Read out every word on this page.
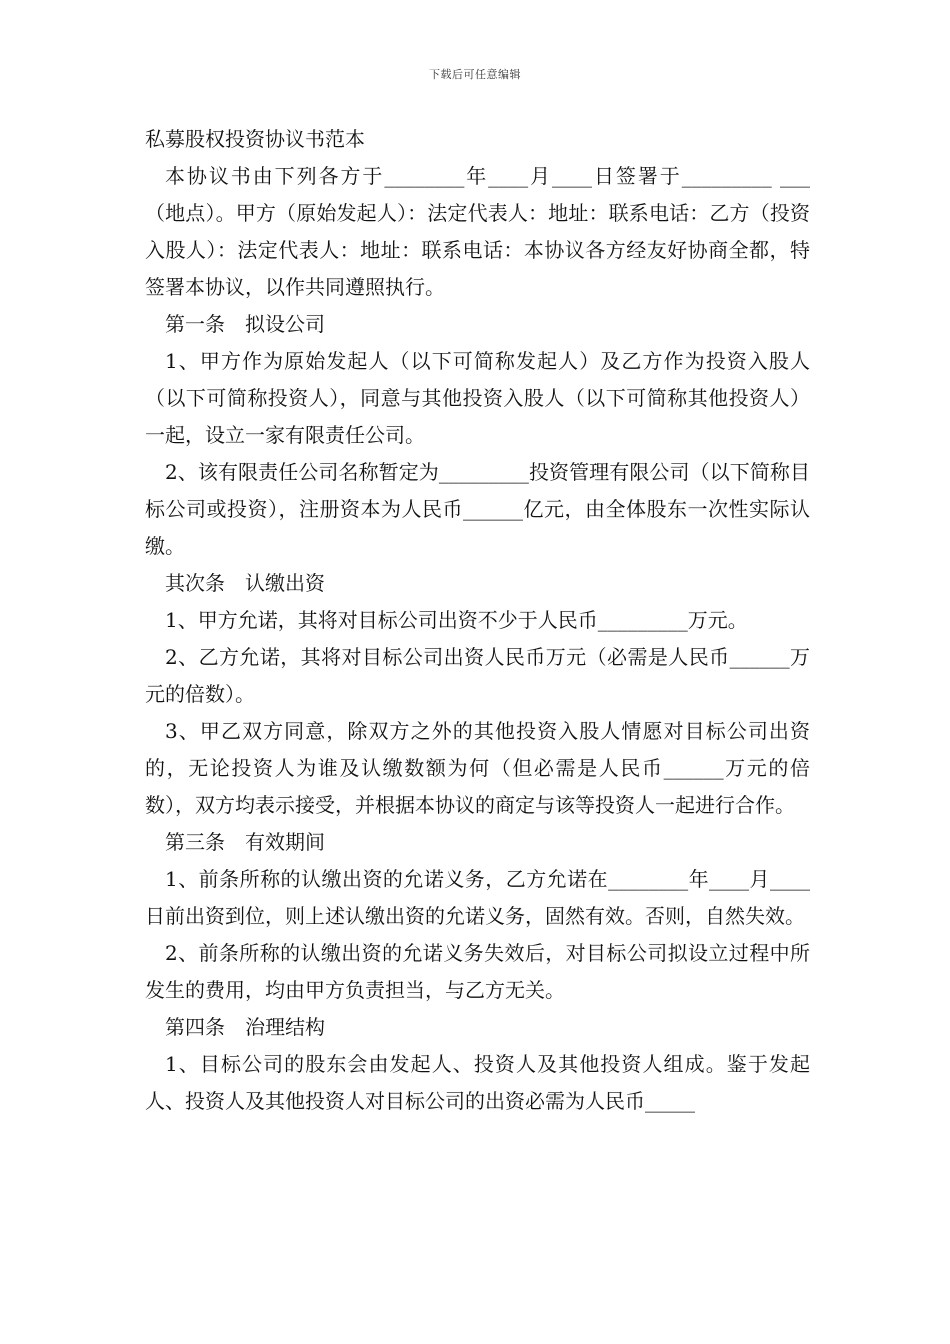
下载后可任意编辑

私募股权投资协议书范本

本协议书由下列各方于________年____月____日签署于_________ ___（地点）。甲方（原始发起人）：法定代表人：地址：联系电话：乙方（投资入股人）：法定代表人：地址：联系电话：本协议各方经友好协商全都，特签署本协议，以作共同遵照执行。

第一条　拟设公司

1、甲方作为原始发起人（以下可简称发起人）及乙方作为投资入股人（以下可简称投资人），同意与其他投资入股人（以下可简称其他投资人）一起，设立一家有限责任公司。

2、该有限责任公司名称暂定为_________投资管理有限公司（以下简称目标公司或投资），注册资本为人民币______亿元，由全体股东一次性实际认缴。

其次条　认缴出资

1、甲方允诺，其将对目标公司出资不少于人民币_________万元。

2、乙方允诺，其将对目标公司出资人民币万元（必需是人民币______万元的倍数）。

3、甲乙双方同意，除双方之外的其他投资入股人情愿对目标公司出资的，无论投资人为谁及认缴数额为何（但必需是人民币______万元的倍数），双方均表示接受，并根据本协议的商定与该等投资人一起进行合作。

第三条　有效期间

1、前条所称的认缴出资的允诺义务，乙方允诺在________年____月____日前出资到位，则上述认缴出资的允诺义务，固然有效。否则，自然失效。

2、前条所称的认缴出资的允诺义务失效后，对目标公司拟设立过程中所发生的费用，均由甲方负责担当，与乙方无关。

第四条　治理结构

1、目标公司的股东会由发起人、投资人及其他投资人组成。鉴于发起人、投资人及其他投资人对目标公司的出资必需为人民币_____
